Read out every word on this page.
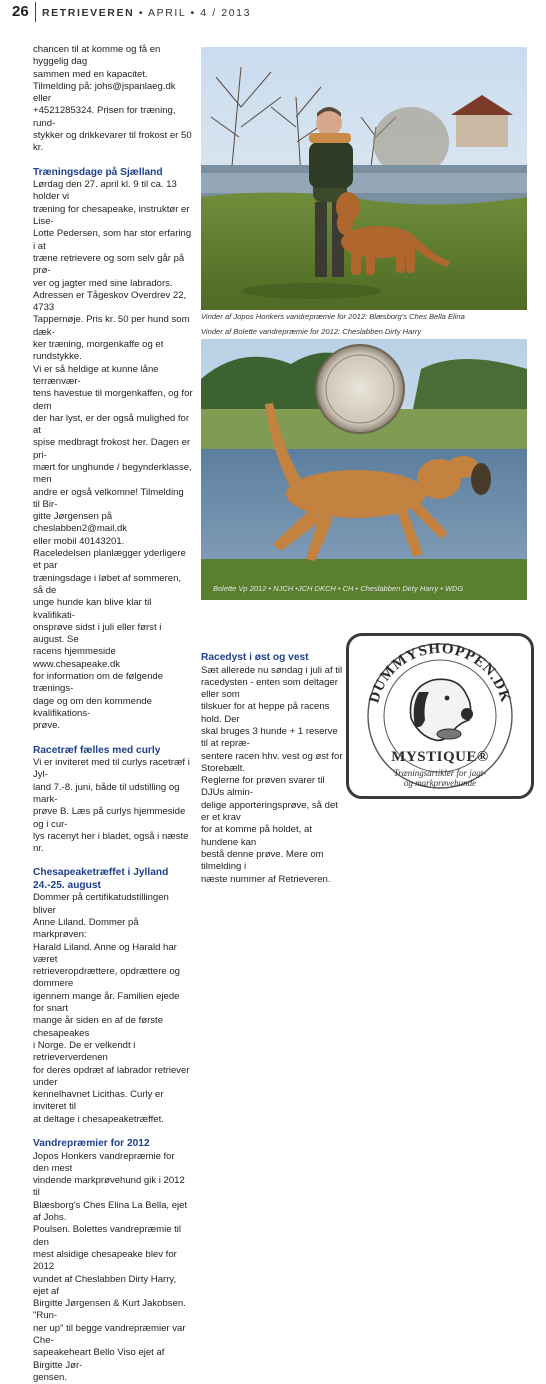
26 RETRIEVEREN • APRIL • 4 / 2013
chancen til at komme og få en hyggelig dag
sammen med en kapacitet.
Tilmelding på: johs@jspanlaeg.dk eller
+4521285324. Prisen for træning, rund-
stykker og drikkevarer til frokost er 50 kr.
Træningsdage på Sjælland
Lørdag den 27. april kl. 9 til ca. 13 holder vi
træning for chesapeake, instruktør er Lise-
Lotte Pedersen, som har stor erfaring i at
træne retrievere og som selv går på prø-
ver og jagter med sine labradors.
Adressen er Tågeskov Overdrev 22, 4733
Tappernøje. Pris kr. 50 per hund som dæk-
ker træning, morgenkaffe og et rundstykke.
Vi er så heldige at kunne låne terrænvær-
tens havestue til morgenkaffen, og for dem
der har lyst, er der også mulighed for at
spise medbragt frokost her. Dagen er pri-
mært for unghunde / begynderklasse, men
andre er også velkomne! Tilmelding til Bir-
gitte Jørgensen på cheslabben2@mail.dk
eller mobil 40143201.
Raceledelsen planlægger yderligere et par
træningsdage i løbet af sommeren, så de
unge hunde kan blive klar til kvalifikati-
onsprøve sidst i juli eller først i august. Se
racens hjemmeside www.chesapeake.dk
for information om de følgende trænings-
dage og om den kommende kvalifikations-
prøve.
Racetræf fælles med curly
Vi er inviteret med til curlys racetræf i Jyl-
land 7.-8. juni, både til udstilling og mark-
prøve B. Læs på curlys hjemmeside og i cur-
lys racenyt her i bladet, også i næste nr.
Chesapeaketræffet i Jylland
24.-25. august
Dommer på certifikatudstillingen bliver
Anne Liland. Dommer på markprøven:
Harald Liland. Anne og Harald har været
retrieveropdrættere, opdrættere og dommere
igennem mange år. Familien ejede for snart
mange år siden en af de første chesapeakes
i Norge. De er velkendt i retrieververdenen
for deres opdræt af labrador retriever under
kennelhavnet Licithas. Curly er inviteret til
at deltage i chesapeaketræffet.
Vandrepræmier for 2012
Jopos Honkers vandrepræmie for den mest
vindende markprøvehund gik i 2012 til
Blæsborg's Ches Elina La Bella, ejet af Johs.
Poulsen. Bolettes vandrepræmie til den
mest alsidige chesapeake blev for 2012
vundet af Cheslabben Dirty Harry, ejet af
Birgitte Jørgensen & Kurt Jakobsen. "Run-
ner up" til begge vandrepræmier var Che-
sapeakeheart Bello Viso ejet af Birgitte Jør-
gensen.
Vinder af Jopos Honkers vandrepræmie for 2012: Blæsborg's Ches Bella Elina
Vinder af Bolette vandrepræmie for 2012: Cheslabben Dirty Harry
Bolette Vp 2012 • NJCH •JCH DKCH • CH • Cheslabben Dirty Harry • WDG
Racedyst i øst og vest
Sæt allerede nu søndag i juli af til
racedysten - enten som deltager eller som
tilskuer for at heppe på racens hold. Der
skal bruges 3 hunde + 1 reserve til at repræ-
sentere racen hhv. vest og øst for Storebælt.
Reglerne for prøven svarer til DJUs almin-
delige apporteringsprøve, så det er et krav
for at komme på holdet, at hundene kan
bestå denne prøve. Mere om tilmelding i
næste nummer af Retrieveren.
DUMMYSHOPPEN.DK
MYSTIQUE®
Træningsartikler for jagt-
og markprøvehunde
